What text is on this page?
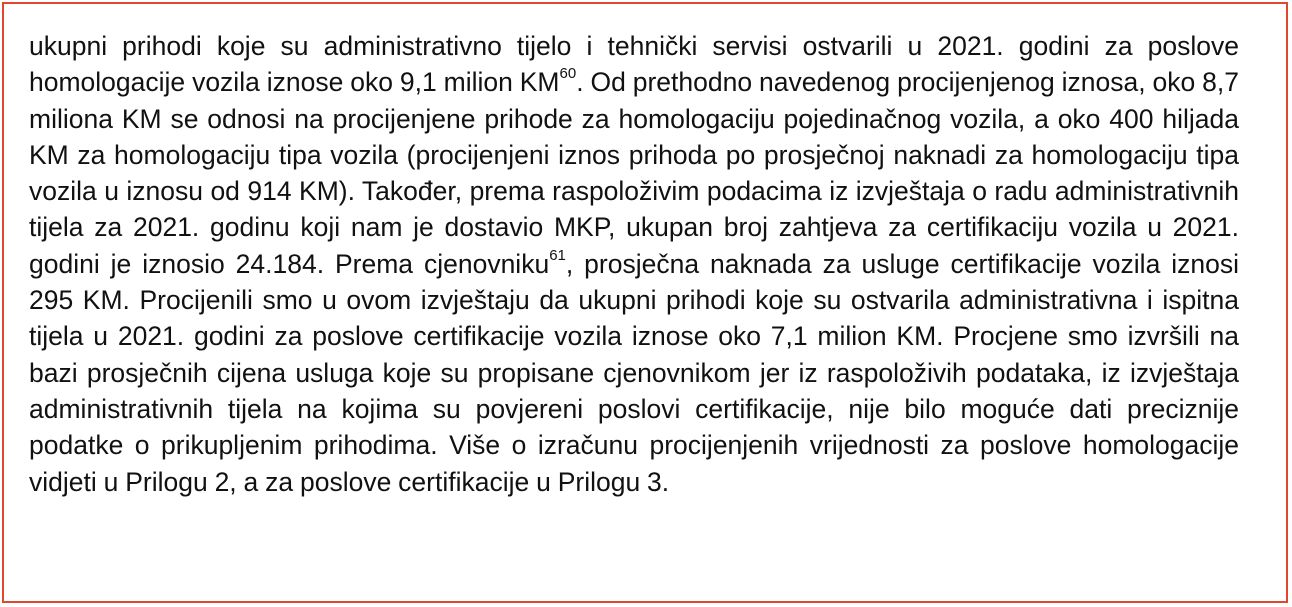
ukupni prihodi koje su administrativno tijelo i tehnički servisi ostvarili u 2021. godini za poslove homologacije vozila iznose oko 9,1 milion KM$^{60}$. Od prethodno navedenog procijenjenog iznosa, oko 8,7 miliona KM se odnosi na procijenjene prihode za homologaciju pojedinačnog vozila, a oko 400 hiljada KM za homologaciju tipa vozila (procijenjeni iznos prihoda po prosječnoj naknadi za homologaciju tipa vozila u iznosu od 914 KM). Također, prema raspoloživim podacima iz izvještaja o radu administrativnih tijela za 2021. godinu koji nam je dostavio MKP, ukupan broj zahtjeva za certifikaciju vozila u 2021. godini je iznosio 24.184. Prema cjenovniku$^{61}$, prosječna naknada za usluge certifikacije vozila iznosi 295 KM. Procijenili smo u ovom izvještaju da ukupni prihodi koje su ostvarila administrativna i ispitna tijela u 2021. godini za poslove certifikacije vozila iznose oko 7,1 milion KM. Procjene smo izvršili na bazi prosječnih cijena usluga koje su propisane cjenovnikom jer iz raspoloživih podataka, iz izvještaja administrativnih tijela na kojima su povjereni poslovi certifikacije, nije bilo moguće dati preciznije podatke o prikupljenim prihodima. Više o izračunu procijenjenih vrijednosti za poslove homologacije vidjeti u Prilogu 2, a za poslove certifikacije u Prilogu 3.
